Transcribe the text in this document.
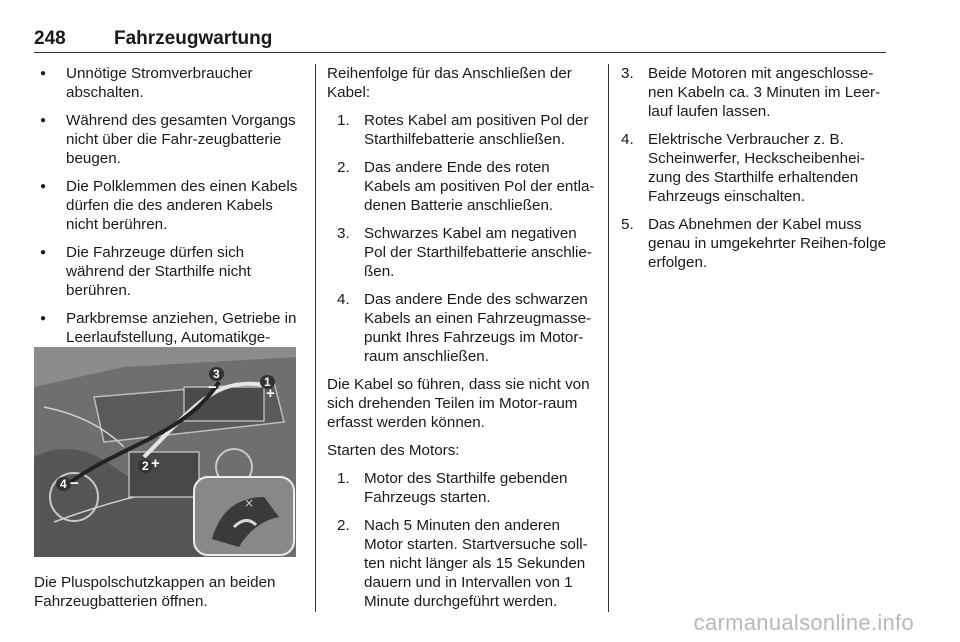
248	Fahrzeugwartung
● Unnötige Stromverbraucher abschalten.
● Während des gesamten Vorgangs nicht über die Fahr-zeugbatterie beugen.
● Die Polklemmen des einen Kabels dürfen die des anderen Kabels nicht berühren.
● Die Fahrzeuge dürfen sich während der Starthilfe nicht berühren.
● Parkbremse anziehen, Getriebe in Leerlaufstellung, Automatikge-
×
3
1
2
4
+
+
−
−
Die Pluspolschutzkappen an beiden Fahrzeugbatterien öffnen.

Reihenfolge für das Anschließen der Kabel:

1. Rotes Kabel am positiven Pol der Starthilfebatterie anschließen.
2. Das andere Ende des roten Kabels am positiven Pol der entla-denen Batterie anschließen.
3. Schwarzes Kabel am negativen Pol der Starthilfebatterie anschlie-ßen.
4. Das andere Ende des schwarzen Kabels an einen Fahrzeugmasse-punkt Ihres Fahrzeugs im Motor-raum anschließen.

Die Kabel so führen, dass sie nicht von sich drehenden Teilen im Motor-raum erfasst werden können.

Starten des Motors:

1. Motor des Starthilfe gebenden Fahrzeugs starten.
2. Nach 5 Minuten den anderen Motor starten. Startversuche soll-ten nicht länger als 15 Sekunden dauern und in Intervallen von 1 Minute durchgeführt werden.
3. Beide Motoren mit angeschlosse-nen Kabeln ca. 3 Minuten im Leer-lauf laufen lassen.
4. Elektrische Verbraucher z. B. Scheinwerfer, Heckscheibenhei-zung des Starthilfe erhaltenden Fahrzeugs einschalten.
5. Das Abnehmen der Kabel muss genau in umgekehrter Reihen-folge erfolgen.
carmanualsonline.info
